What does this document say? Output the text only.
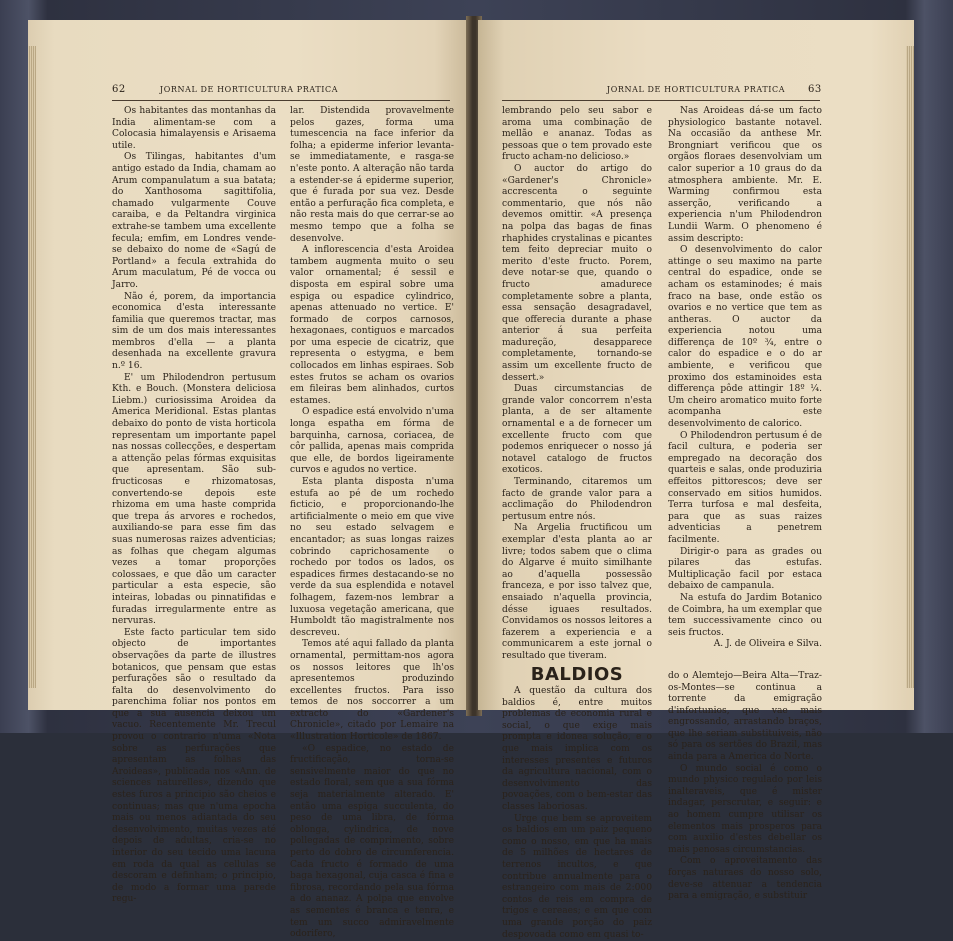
62	JORNAL DE HORTICULTURA PRATICA

Os habitantes das montanhas da India alimentam-se com a Colocasia himalayensis e Arisaema utile.

Os Tilingas, habitantes d'um antigo estado da India, chamam ao Arum companulatum a sua batata; do Xanthosoma sagittifolia, chamado vulgarmente Couve caraiba, e da Peltandra virginica extrahe-se tambem uma excellente fecula; emfim, em Londres vende-se debaixo do nome de «Sagú de Portland» a fecula extrahida do Arum maculatum, Pé de vocca ou Jarro.

Não é, porem, da importancia economica d'esta interessante familia que queremos tractar, mas sim de um dos mais interessantes membros d'ella — a planta desenhada na excellente gravura n.º 16.

E' um Philodendron pertusum Kth. e Bouch. (Monstera deliciosa Liebm.) curiosissima Aroidea da America Meridional. Estas plantas debaixo do ponto de vista horticola representam um importante papel nas nossas collecções, e despertam a attenção pelas fórmas exquisitas que apresentam. São sub-fructicosas e rhizomatosas, convertendo-se depois este rhizoma em uma haste comprida que trepa ás arvores e rochedos, auxiliando-se para esse fim das suas numerosas raizes adventicias; as folhas que chegam algumas vezes a tomar proporções colossaes, e que dão um caracter particular a esta especie, são inteiras, lobadas ou pinnatifidas e furadas irregularmente entre as nervuras.

Este facto particular tem sido objecto de importantes observações da parte de illustres botanicos, que pensam que estas perfurações são o resultado da falta do desenvolvimento do parenchima foliar nos pontos em que a sua ausencia deixou um vacuo. Recentemente Mr. Trecul provou o contrario n'uma «Nota sobre as perfurações que apresentam as folhas das Aroideas», publicada nos «Ann. de sciences naturelles», dizendo que estes furos a principio são cheios e continuas; mas que n'uma epocha mais ou menos adiantada do seu desenvolvimento, muitas vezes até depois de adultas, cria-se no interior do seu tecido uma lacuna em roda da qual as cellulas se descoram e definham; o principio, de modo a formar uma parede regu-

lar. Distendida provavelmente pelos gazes, forma uma tumescencia na face inferior da folha; a epiderme inferior levanta-se immediatamente, e rasga-se n'este ponto. A alteração não tarda a estender-se á epiderme superior, que é furada por sua vez. Desde então a perfuração fica completa, e não resta mais do que cerrar-se ao mesmo tempo que a folha se desenvolve.

A inflorescencia d'esta Aroidea tambem augmenta muito o seu valor ornamental; é sessil e disposta em espiral sobre uma espiga ou espadice cylindrico, apenas attenuado no vertice. E' formado de corpos carnosos, hexagonaes, contiguos e marcados por uma especie de cicatriz, que representa o estygma, e bem collocados em linhas espiraes. Sob estes frutos se acham os ovarios em fileiras bem alinhados, curtos estames.

O espadice está envolvido n'uma longa espatha em fórma de barquinha, carnosa, coriacea, de côr pallida, apenas mais comprida que elle, de bordos ligeiramente curvos e agudos no vertice.

Esta planta disposta n'uma estufa ao pé de um rochedo ficticio, e proporcionando-lhe artificialmente o meio em que vive no seu estado selvagem e encantador; as suas longas raizes cobrindo caprichosamente o rochedo por todos os lados, os espadices firmes destacando-se no verde da sua esplendida e notavel folhagem, fazem-nos lembrar a luxuosa vegetação americana, que Humboldt tão magistralmente nos descreveu.

Temos até aqui fallado da planta ornamental, permittam-nos agora os nossos leitores que lh'os apresentemos produzindo excellentes fructos. Para isso temos de nos soccorrer a um extracto do «Gardener's Chronicle», citado por Lemaire na «Illustration Horticole» de 1867.

«O espadice, no estado de fructificação, torna-se sensivelmente maior do que no estado floral, sem que a sua fórma seja materialmente alterado. E' então uma espiga succulenta, do peso de uma libra, de fórma oblonga, cylindrica, de nove pollegadas de comprimento, sobre perto do dobro de circumferencia. Cada fructo é formado de uma baga hexagonal, cuja casca é fina e fibrosa, recordando pela sua fórma a do ananaz. A polpa que envolve as sementes é branca e tenra, e tem um succo admiravelmente odorifero,

JORNAL DE HORTICULTURA PRATICA	63

lembrando pelo seu sabor e aroma uma combinação de mellão e ananaz. Todas as pessoas que o tem provado este fructo acham-no delicioso.»

O auctor do artigo do «Gardener's Chronicle» accrescenta o seguinte commentario, que nós não devemos omittir. «A presença na polpa das bagas de finas rhaphides crystalinas e picantes tem feito depreciar muito o merito d'este fructo. Porem, deve notar-se que, quando o fructo amadurece completamente sobre a planta, essa sensação desagradavel, que offerecia durante a phase anterior á sua perfeita madureção, desapparece completamente, tornando-se assim um excellente fructo de dessert.»

Duas circumstancias de grande valor concorrem n'esta planta, a de ser altamente ornamental e a de fornecer um excellente fructo com que podemos enriquecer o nosso já notavel catalogo de fructos exoticos.

Terminando, citaremos um facto de grande valor para a acclimação do Philodendron pertusum entre nós.

Na Argelia fructificou um exemplar d'esta planta ao ar livre; todos sabem que o clima do Algarve é muito similhante ao d'aquella possessão franceza, e por isso talvez que, ensaiado n'aquella provincia, désse iguaes resultados. Convidamos os nossos leitores a fazerem a experiencia e a communicarem a este jornal o resultado que tiveram.

BALDIOS

A questão da cultura dos baldios é, entre muitos problemas de economia rural e social, o que exige mais prompta e idonea solução, e o que mais implica com os interesses presentes e futuros da agricultura nacional, com o desenvolvimento das povoações, com o bem-estar das classes laboriosas.

Urge que bem se aproveitem os baldios em um paiz pequeno como o nosso, em que ha mais de 5 milhões de hectares de terrenos incultos, e que contribue annualmente para o estrangeiro com mais de 2:000 contos de reis em compra de trigos e cereaes; e em que com uma grande porção do paiz despovoada como em quasi to-

Nas Aroideas dá-se um facto physiologico bastante notavel. Na occasião da anthese Mr. Brongniart verificou que os orgãos floraes desenvolviam um calor superior a 10 graus do da atmosphera ambiente. Mr. E. Warming confirmou esta asserção, verificando a experiencia n'um Philodendron Lundii Warm. O phenomeno é assim descripto:

O desenvolvimento do calor attinge o seu maximo na parte central do espadice, onde se acham os estaminodes; é mais fraco na base, onde estão os ovarios e no vertice que tem as antheras. O auctor da experiencia notou uma differença de 10º ¾, entre o calor do espadice e o do ar ambiente, e verificou que proximo dos estaminoides esta differença pôde attingir 18º ¼. Um cheiro aromatico muito forte acompanha este desenvolvimento de calorico.

O Philodendron pertusum é de facil cultura, e poderia ser empregado na decoração dos quarteis e salas, onde produziria effeitos pittorescos; deve ser conservado em sitios humidos. Terra turfosa e mal desfeita, para que as suas raizes adventicias a penetrem facilmente.

Dirigir-o para as grades ou pilares das estufas. Multiplicação facil por estaca debaixo de campanula.

Na estufa do Jardim Botanico de Coimbra, ha um exemplar que tem successivamente cinco ou seis fructos.

A. J. de Oliveira e Silva.

do o Alemtejo—Beira Alta—Traz-os-Montes—se continua a torrente da emigração d'infortunios, que vae mais engrossando, arrastando braços, que lhe seriam substituiveis, não só para os sertões do Brazil, mas ainda para a America do Norte.

O mundo social é como o mundo physico regulado por leis inalteraveis, que é mister indagar, perscrutar, e seguir: e ao homem cumpre utilisar os elementos mais prosperos para com auxilio d'estes debellar os mais penosas circumstancias.

Com o aproveitamento das forças naturaes do nosso solo, deve-se attenuar a tendencia para a emigração, e substituir
